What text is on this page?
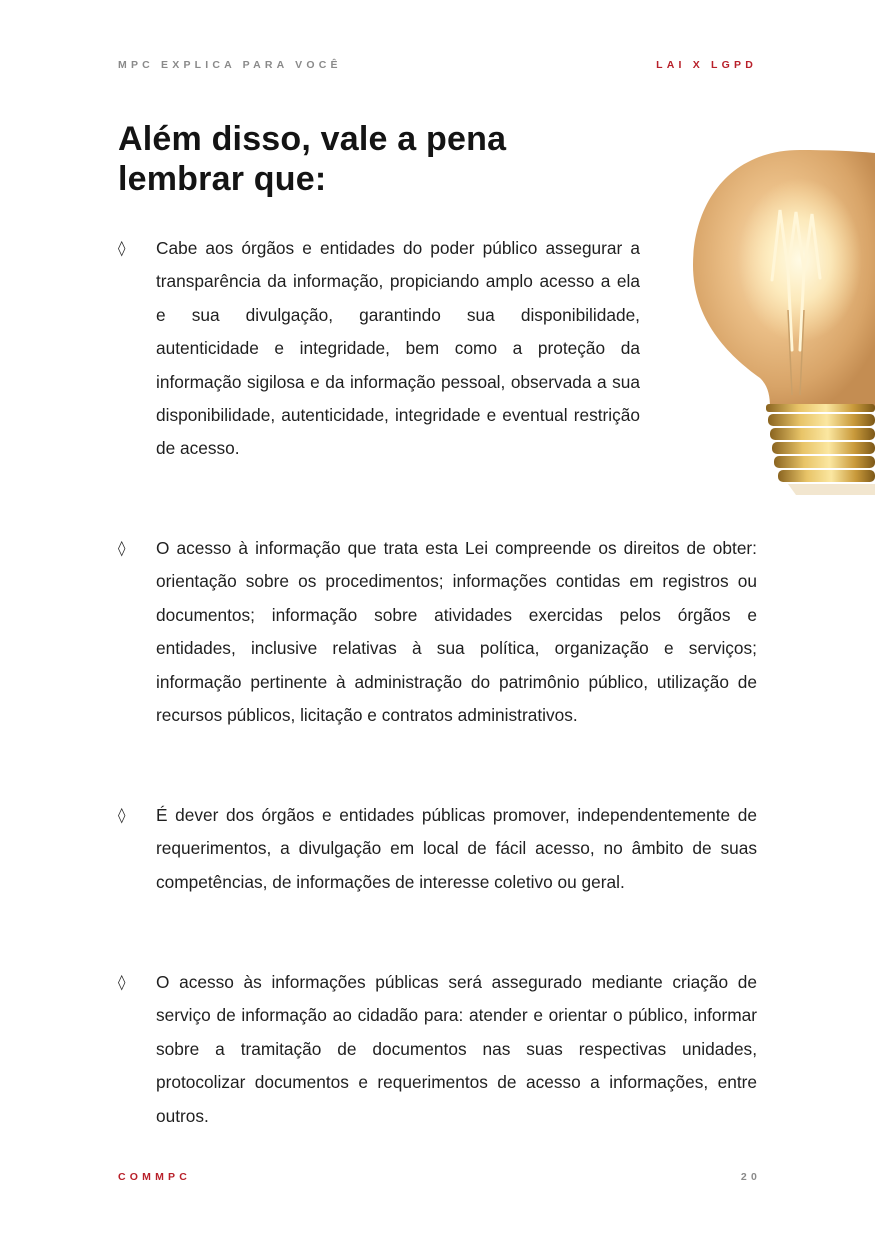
MPC EXPLICA PARA VOCÊ	LAI X LGPD
Além disso, vale a pena lembrar que:
◊ Cabe aos órgãos e entidades do poder público assegurar a transparência da informação, propiciando amplo acesso a ela e sua divulgação, garantindo sua disponibilidade, autenticidade e integridade, bem como a proteção da informação sigilosa e da informação pessoal, observada a sua disponibilidade, autenticidade, integridade e eventual restrição de acesso.

◊ O acesso à informação que trata esta Lei compreende os direitos de obter: orientação sobre os procedimentos; informações contidas em registros ou documentos; informação sobre atividades exercidas pelos órgãos e entidades, inclusive relativas à sua política, organização e serviços; informação pertinente à administração do patrimônio público, utilização de recursos públicos, licitação e contratos administrativos.

◊ É dever dos órgãos e entidades públicas promover, independentemente de requerimentos, a divulgação em local de fácil acesso, no âmbito de suas competências, de informações de interesse coletivo ou geral.

◊ O acesso às informações públicas será assegurado mediante criação de serviço de informação ao cidadão para: atender e orientar o público, informar sobre a tramitação de documentos nas suas respectivas unidades, protocolizar documentos e requerimentos de acesso a informações, entre outros.

COMMPC	20
